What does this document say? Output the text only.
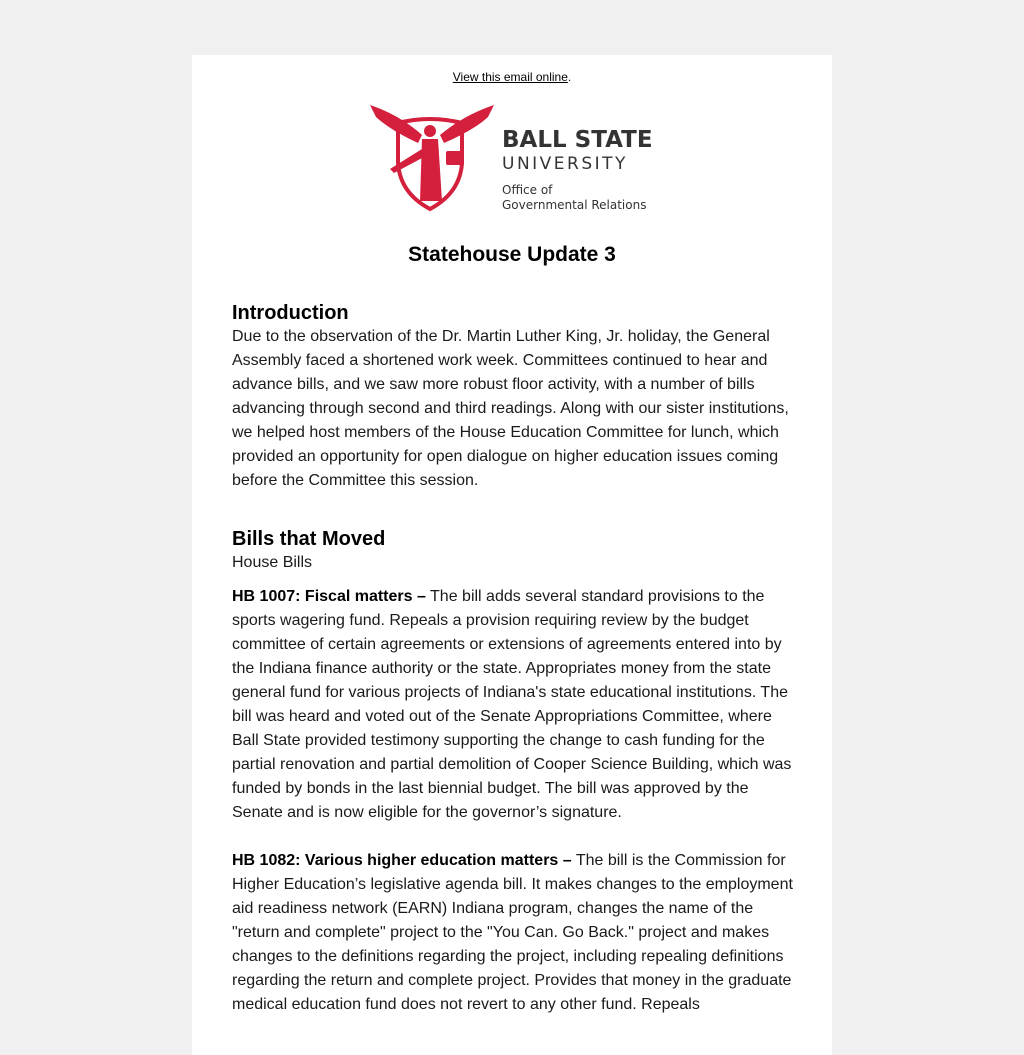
View this email online.
BALL STATE
UNIVERSITY
Office of
Governmental Relations
Statehouse Update 3
Introduction

Due to the observation of the Dr. Martin Luther King, Jr. holiday, the General Assembly faced a shortened work week. Committees continued to hear and advance bills, and we saw more robust floor activity, with a number of bills advancing through second and third readings. Along with our sister institutions, we helped host members of the House Education Committee for lunch, which provided an opportunity for open dialogue on higher education issues coming before the Committee this session.

Bills that Moved

House Bills

HB 1007: Fiscal matters – The bill adds several standard provisions to the sports wagering fund. Repeals a provision requiring review by the budget committee of certain agreements or extensions of agreements entered into by the Indiana finance authority or the state. Appropriates money from the state general fund for various projects of Indiana's state educational institutions. The bill was heard and voted out of the Senate Appropriations Committee, where Ball State provided testimony supporting the change to cash funding for the partial renovation and partial demolition of Cooper Science Building, which was funded by bonds in the last biennial budget. The bill was approved by the Senate and is now eligible for the governor’s signature.

HB 1082: Various higher education matters – The bill is the Commission for Higher Education’s legislative agenda bill. It makes changes to the employment aid readiness network (EARN) Indiana program, changes the name of the "return and complete" project to the "You Can. Go Back." project and makes changes to the definitions regarding the project, including repealing definitions regarding the return and complete project. Provides that money in the graduate medical education fund does not revert to any other fund. Repeals
